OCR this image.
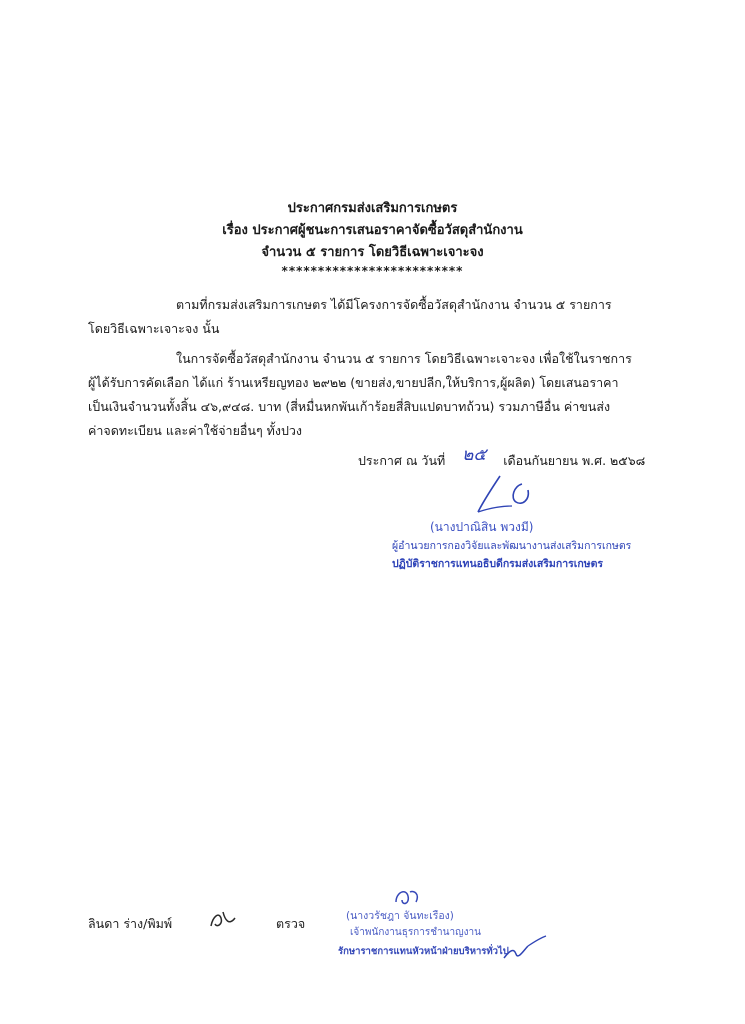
ประกาศกรมส่งเสริมการเกษตร
เรื่อง ประกาศผู้ชนะการเสนอราคาจัดซื้อวัสดุสำนักงาน
จำนวน ๕ รายการ โดยวิธีเฉพาะเจาะจง
*************************
ตามที่กรมส่งเสริมการเกษตร ได้มีโครงการจัดซื้อวัสดุสำนักงาน จำนวน ๕ รายการ
โดยวิธีเฉพาะเจาะจง นั้น
ในการจัดซื้อวัสดุสำนักงาน จำนวน ๕ รายการ โดยวิธีเฉพาะเจาะจง เพื่อใช้ในราชการ
ผู้ได้รับการคัดเลือก ได้แก่ ร้านเหรียญทอง ๒๙๒๒ (ขายส่ง,ขายปลีก,ให้บริการ,ผู้ผลิต) โดยเสนอราคา
เป็นเงินจำนวนทั้งสิ้น ๔๖,๙๔๘. บาท (สี่หมื่นหกพันเก้าร้อยสี่สิบแปดบาทถ้วน) รวมภาษีอื่น ค่าขนส่ง
ค่าจดทะเบียน และค่าใช้จ่ายอื่นๆ ทั้งปวง
ประกาศ ณ วันที่ ๒๕ เดือนกันยายน พ.ศ. ๒๕๖๘
(นางปาณิสิน พวงมี)
ผู้อำนวยการกองวิจัยและพัฒนางานส่งเสริมการเกษตร
ปฏิบัติราชการแทนอธิบดีกรมส่งเสริมการเกษตร
ลินดา ร่าง/พิมพ์	ตรวจ	(นางวรัชฎา จันทะเรือง)
เจ้าพนักงานธุรการชำนาญงาน
รักษาราชการแทนหัวหน้าฝ่ายบริหารทั่วไป
